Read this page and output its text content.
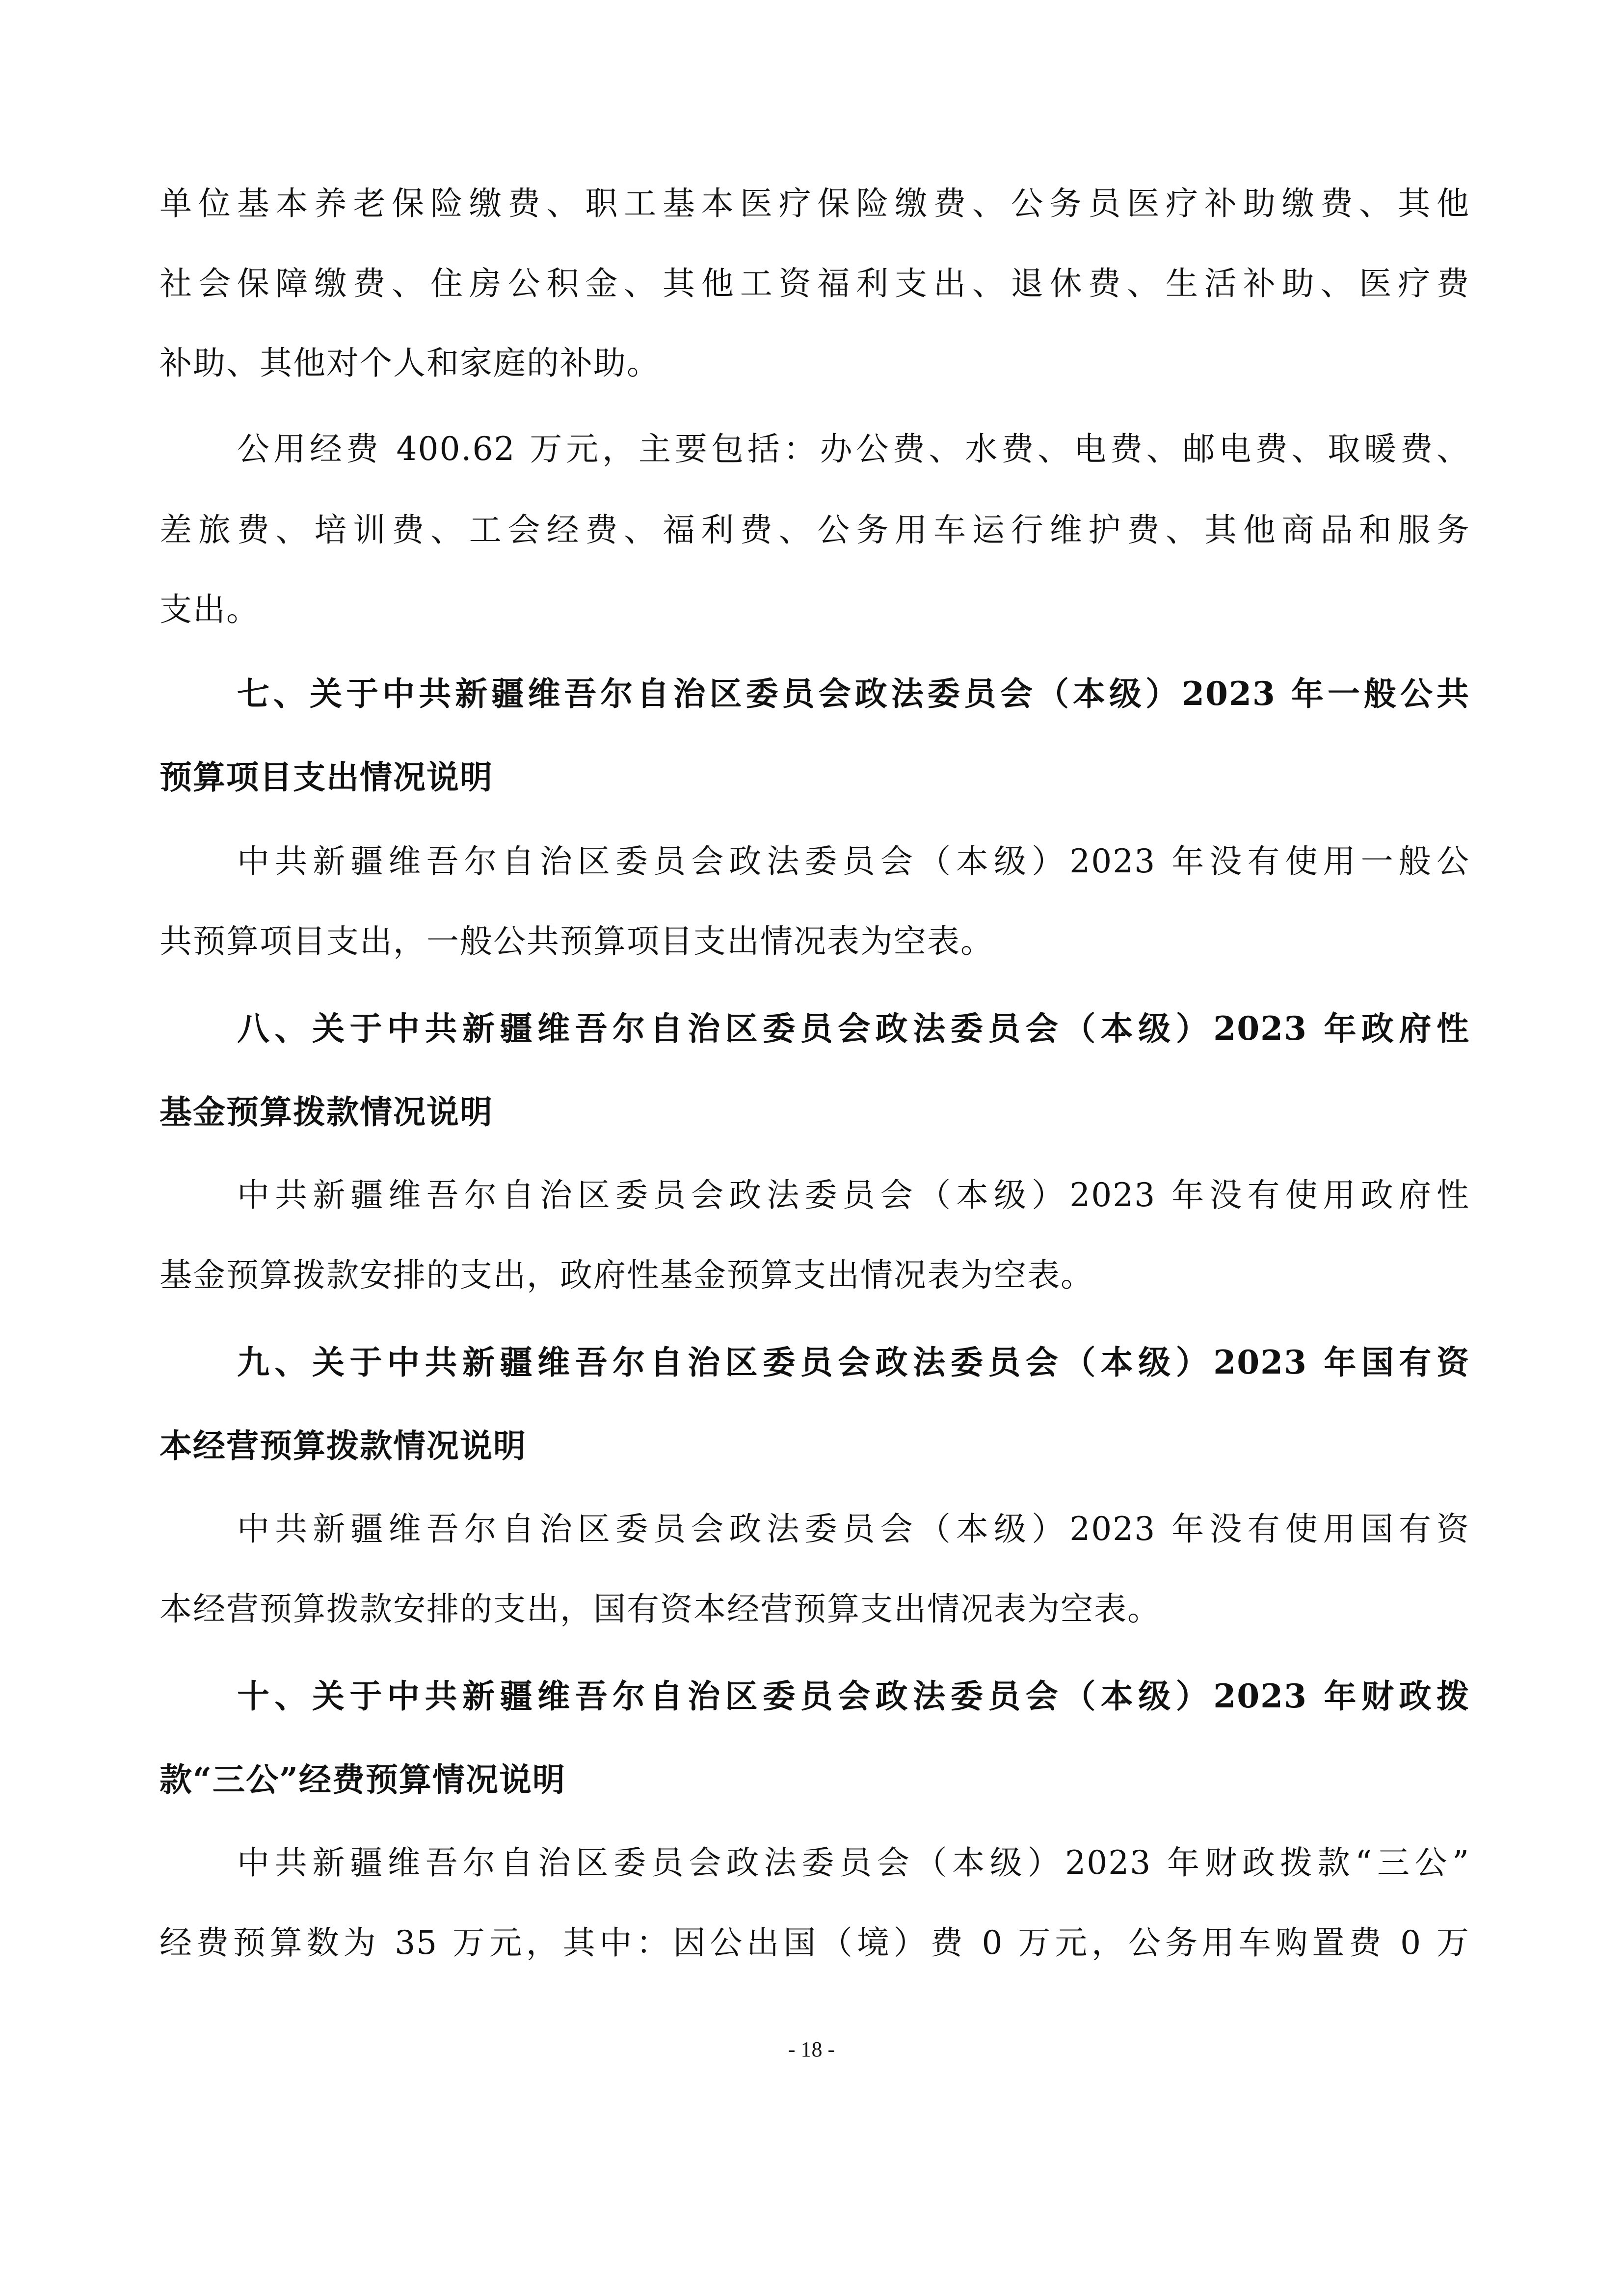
单位基本养老保险缴费、职工基本医疗保险缴费、公务员医疗补助缴费、其他
社会保障缴费、住房公积金、其他工资福利支出、退休费、生活补助、医疗费
补助、其他对个人和家庭的补助。
公用经费 400.62 万元，主要包括：办公费、水费、电费、邮电费、取暖费、
差旅费、培训费、工会经费、福利费、公务用车运行维护费、其他商品和服务
支出。
七、关于中共新疆维吾尔自治区委员会政法委员会（本级）2023 年一般公共
预算项目支出情况说明
中共新疆维吾尔自治区委员会政法委员会（本级）2023 年没有使用一般公
共预算项目支出，一般公共预算项目支出情况表为空表。
八、关于中共新疆维吾尔自治区委员会政法委员会（本级）2023 年政府性
基金预算拨款情况说明
中共新疆维吾尔自治区委员会政法委员会（本级）2023 年没有使用政府性
基金预算拨款安排的支出，政府性基金预算支出情况表为空表。
九、关于中共新疆维吾尔自治区委员会政法委员会（本级）2023 年国有资
本经营预算拨款情况说明
中共新疆维吾尔自治区委员会政法委员会（本级）2023 年没有使用国有资
本经营预算拨款安排的支出，国有资本经营预算支出情况表为空表。
十、关于中共新疆维吾尔自治区委员会政法委员会（本级）2023 年财政拨
款“三公”经费预算情况说明
中共新疆维吾尔自治区委员会政法委员会（本级）2023 年财政拨款“三公”
经费预算数为 35 万元，其中：因公出国（境）费 0 万元，公务用车购置费 0 万
- 18 -
